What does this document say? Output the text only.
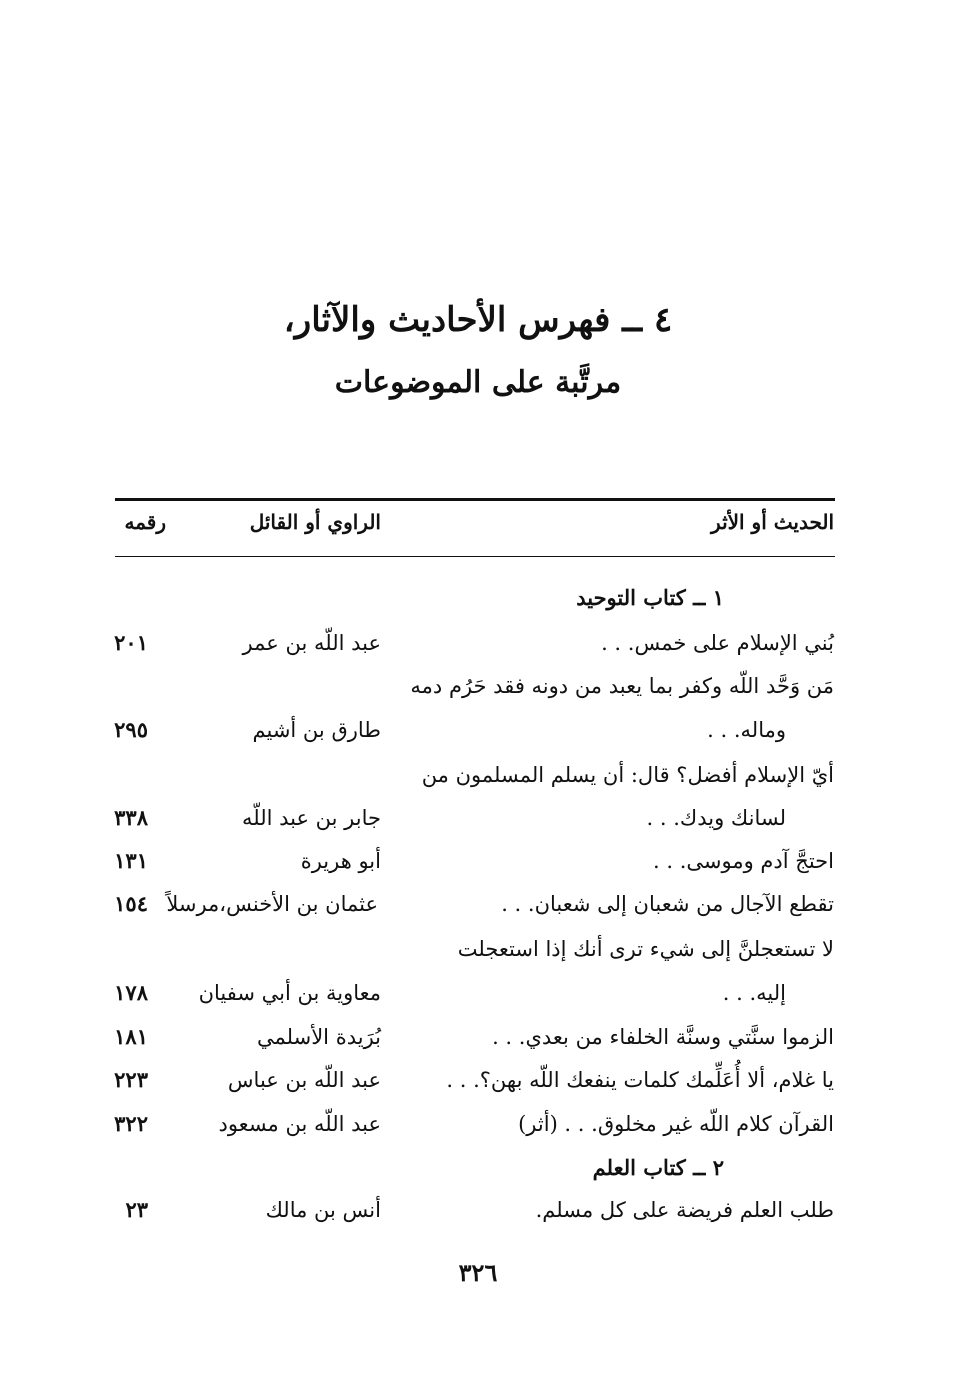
٤ ــ فهرس الأحاديث والآثار،
مرتَّبة على الموضوعات
الحديث أو الأثر
الراوي أو القائل
رقمه
١ ــ كتاب التوحيد
بُني الإسلام على خمس. . .
عبد اللّه بن عمر
٢٠١
مَن وَحَّد اللّه وكفر بما يعبد من دونه فقد حَرُم دمه
وماله. . .
طارق بن أشيم
٢٩٥
أيّ الإسلام أفضل؟ قال: أن يسلم المسلمون من
لسانك ويدك. . .
جابر بن عبد اللّه
٣٣٨
احتجَّ آدم وموسى. . .
أبو هريرة
١٣١
تقطع الآجال من شعبان إلى شعبان. . .
عثمان بن الأخنس،مرسلاً
١٥٤
لا تستعجلنَّ إلى شيء ترى أنك إذا استعجلت
إليه. . .
معاوية بن أبي سفيان
١٧٨
الزموا سنَّتي وسنَّة الخلفاء من بعدي. . .
بُرَيدة الأسلمي
١٨١
يا غلام، ألا أُعَلِّمك كلمات ينفعك اللّه بهن؟. . .
عبد اللّه بن عباس
٢٢٣
القرآن كلام اللّه غير مخلوق. . . (أثر)
عبد اللّه بن مسعود
٣٢٢
٢ ــ كتاب العلم
طلب العلم فريضة على كل مسلم.
أنس بن مالك
٢٣
٣٢٦
